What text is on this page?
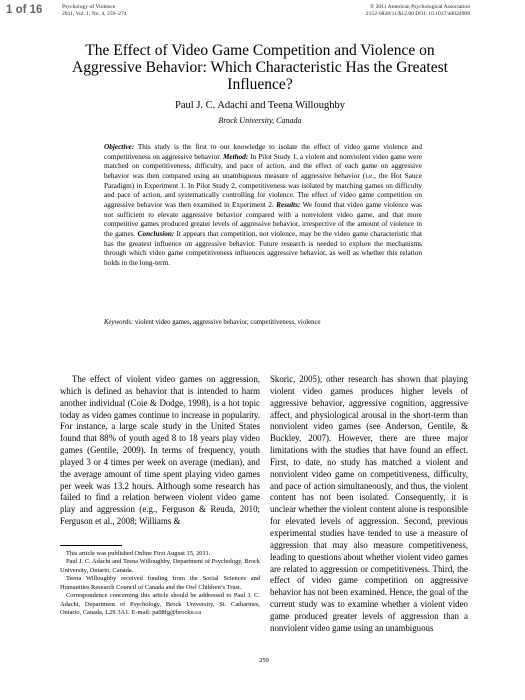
1 of 16	Psychology of Violence
2011, Vol. 1, No. 4, 259–274
© 2011 American Psychological Association
2152-0828/11/$12.00 DOI: 10.1037/a0024908
The Effect of Video Game Competition and Violence on Aggressive Behavior: Which Characteristic Has the Greatest Influence?
Paul J. C. Adachi and Teena Willoughby
Brock University, Canada

Objective: This study is the first to our knowledge to isolate the effect of video game violence and competitiveness on aggressive behavior. Method: In Pilot Study 1, a violent and nonviolent video game were matched on competitiveness, difficulty, and pace of action, and the effect of each game on aggressive behavior was then compared using an unambiguous measure of aggressive behavior (i.e., the Hot Sauce Paradigm) in Experiment 1. In Pilot Study 2, competitiveness was isolated by matching games on difficulty and pace of action, and systematically controlling for violence. The effect of video game competition on aggressive behavior was then examined in Experiment 2. Results: We found that video game violence was not sufficient to elevate aggressive behavior compared with a nonviolent video game, and that more competitive games produced greater levels of aggressive behavior, irrespective of the amount of violence in the games. Conclusion: It appears that competition, not violence, may be the video game characteristic that has the greatest influence on aggressive behavior. Future research is needed to explore the mechanisms through which video game competitiveness influences aggressive behavior, as well as whether this relation holds in the long-term.

Keywords: violent video games, aggressive behavior, competitiveness, violence

The effect of violent video games on aggression, which is defined as behavior that is intended to harm another individual (Coie & Dodge, 1998), is a hot topic today as video games continue to increase in popularity. For instance, a large scale study in the United States found that 88% of youth aged 8 to 18 years play video games (Gentile, 2009). In terms of frequency, youth played 3 or 4 times per week on average (median), and the average amount of time spent playing video games per week was 13.2 hours. Although some research has failed to find a relation between violent video game play and aggression (e.g., Ferguson & Reuda, 2010; Ferguson et al., 2008; Williams &

Skoric, 2005), other research has shown that playing violent video games produces higher levels of aggressive behavior, aggressive cognition, aggressive affect, and physiological arousal in the short-term than nonviolent video games (see Anderson, Gentile, & Buckley, 2007). However, there are three major limitations with the studies that have found an effect. First, to date, no study has matched a violent and nonviolent video game on competitiveness, difficulty, and pace of action simultaneously, and thus, the violent content has not been isolated. Consequently, it is unclear whether the violent content alone is responsible for elevated levels of aggression. Second, previous experimental studies have tended to use a measure of aggression that may also measure competitiveness, leading to questions about whether violent video games are related to aggression or competitiveness. Third, the effect of video game competition on aggressive behavior has not been examined. Hence, the goal of the current study was to examine whether a violent video game produced greater levels of aggression than a nonviolent video game using an unambiguous

This article was published Online First August 15, 2011.

Paul J. C. Adachi and Teena Willoughby, Department of Psychology, Brock University, Ontario, Canada.

Teena Willoughby received funding from the Social Sciences and Humanities Research Council of Canada and the Owl Children’s Trust.

Correspondence concerning this article should be addressed to Paul J. C. Adachi, Department of Psychology, Brock University, St. Catharines, Ontario, Canada, L2S 3A1. E-mail: pa08fg@brocku.ca

259
